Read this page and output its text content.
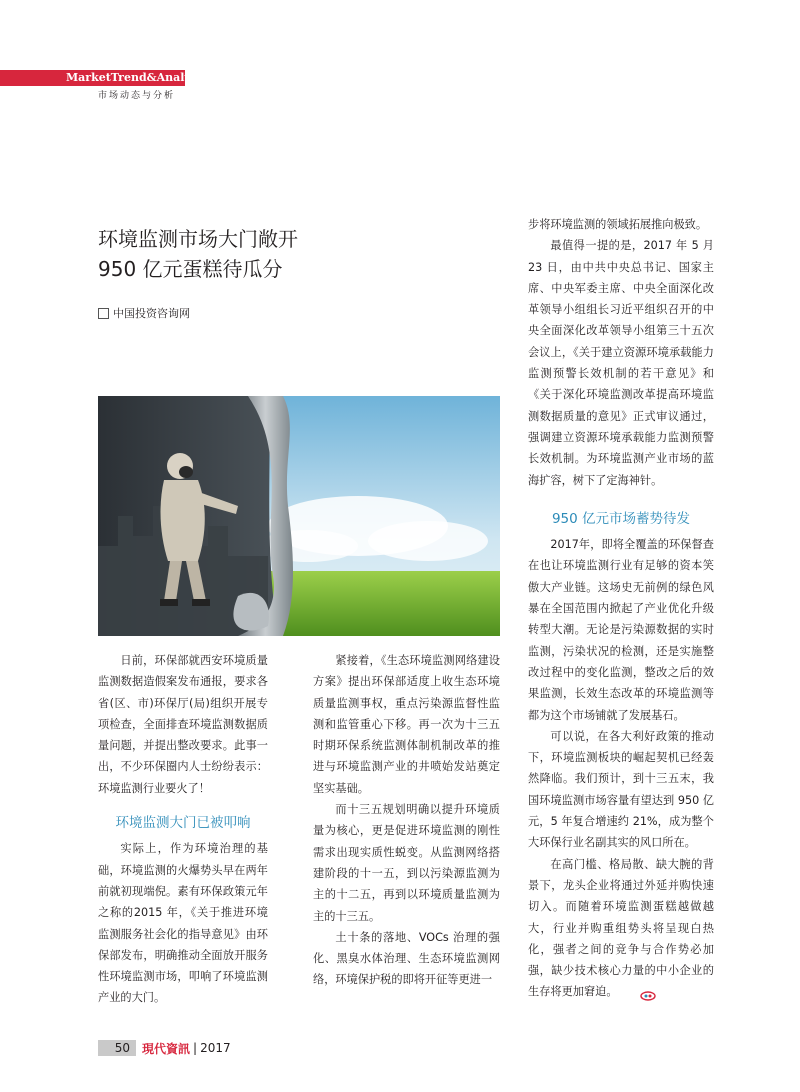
MarketTrend&Analysis
市场动态与分析
环境监测市场大门敞开
950 亿元蛋糕待瓜分
中国投资咨询网

日前，环保部就西安环境质量监测数据造假案发布通报，要求各省(区、市)环保厅(局)组织开展专项检查，全面排查环境监测数据质量问题，并提出整改要求。此事一出，不少环保圈内人士纷纷表示：环境监测行业要火了！

环境监测大门已被叩响

实际上，作为环境治理的基础，环境监测的火爆势头早在两年前就初现端倪。素有环保政策元年之称的2015 年，《关于推进环境监测服务社会化的指导意见》由环保部发布，明确推动全面放开服务性环境监测市场，叩响了环境监测产业的大门。

紧接着，《生态环境监测网络建设方案》提出环保部适度上收生态环境质量监测事权，重点污染源监督性监测和监管重心下移。再一次为十三五时期环保系统监测体制机制改革的推进与环境监测产业的井喷始发站奠定坚实基础。

而十三五规划明确以提升环境质量为核心，更是促进环境监测的刚性需求出现实质性蜕变。从监测网络搭建阶段的十一五，到以污染源监测为主的十二五，再到以环境质量监测为主的十三五。

土十条的落地、VOCs 治理的强化、黑臭水体治理、生态环境监测网络，环境保护税的即将开征等更进一

步将环境监测的领域拓展推向极致。

最值得一提的是，2017 年 5 月23 日，由中共中央总书记、国家主席、中央军委主席、中央全面深化改革领导小组组长习近平组织召开的中央全面深化改革领导小组第三十五次会议上，《关于建立资源环境承载能力监测预警长效机制的若干意见》和《关于深化环境监测改革提高环境监测数据质量的意见》正式审议通过，强调建立资源环境承载能力监测预警长效机制。为环境监测产业市场的蓝海扩容，树下了定海神针。

950 亿元市场蓄势待发

2017年，即将全覆盖的环保督查在也让环境监测行业有足够的资本笑傲大产业链。这场史无前例的绿色风暴在全国范围内掀起了产业优化升级转型大潮。无论是污染源数据的实时监测，污染状况的检测，还是实施整改过程中的变化监测，整改之后的效果监测，长效生态改革的环境监测等都为这个市场铺就了发展基石。

可以说，在各大利好政策的推动下，环境监测板块的崛起契机已经轰然降临。我们预计，到十三五末，我国环境监测市场容量有望达到 950 亿元，5 年复合增速约 21%，成为整个大环保行业名副其实的风口所在。

在高门槛、格局散、缺大腕的背景下，龙头企业将通过外延并购快速切入。而随着环境监测蛋糕越做越大，行业并购重组势头将呈现白热化，强者之间的竞争与合作势必加强，缺少技术核心力量的中小企业的生存将更加窘迫。

50	現代資訊 | 2017
